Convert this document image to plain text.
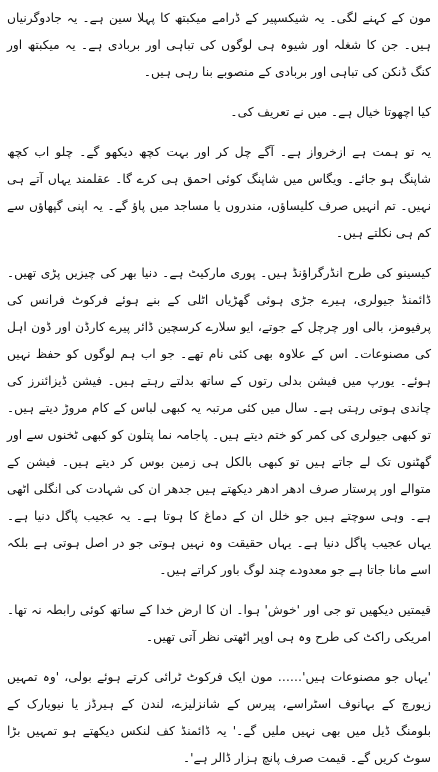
مون کے کہنے لگی۔ یہ شیکسپیر کے ڈرامے میکبتھ کا پہلا سین ہے۔ یہ جادوگرنیاں ہیں۔ جن کا شغلہ اور شیوہ ہی لوگوں کی تباہی اور بربادی ہے۔ یہ میکبتھ اور کنگ ڈنکن کی تباہی اور بربادی کے منصوبے بنا رہی ہیں۔

کیا اچھوتا خیال ہے۔ میں نے تعریف کی۔

یہ تو ہمت ہے ازخرواز ہے۔ آگے چل کر اور بہت کچھ دیکھو گے۔ چلو اب کچھ شاپنگ ہو جائے۔ ویگاس میں شاپنگ کوئی احمق ہی کرے گا۔ عقلمند یہاں آتے ہی نہیں۔ تم انہیں صرف کلیساؤں، مندروں یا مساجد میں پاؤ گے۔ یہ اپنی گپھاؤں سے کم ہی نکلتے ہیں۔

کیسینو کی طرح انڈرگراؤنڈ ہیں۔ پوری مارکیٹ ہے۔ دنیا بھر کی چیزیں پڑی تھیں۔ ڈائمنڈ جیولری، ہیرے جڑی ہوئی گھڑیاں اٹلی کے بنے ہوئے فرکوٹ فرانس کی پرفیومز، بالی اور چرچل کے جوتے، ایو سلارے کرسچین ڈائر پیرے کارڈن اور ڈون اہل کی مصنوعات۔ اس کے علاوہ بھی کئی نام تھے۔ جو اب ہم لوگوں کو حفظ نہیں ہوئے۔ یورپ میں فیشن بدلی رتوں کے ساتھ بدلتے رہتے ہیں۔ فیشن ڈیزائنرز کی چاندی ہوتی رہتی ہے۔ سال میں کئی مرتبہ یہ کبھی لباس کے کام مروڑ دیتے ہیں۔ تو کبھی جیولری کی کمر کو ختم دیتے ہیں۔ پاجامہ نما پتلون کو کبھی ٹخنوں سے اور گھٹنوں تک لے جاتے ہیں تو کبھی بالکل ہی زمین بوس کر دیتے ہیں۔ فیشن کے متوالے اور پرستار صرف ادھر ادھر دیکھتے ہیں جدھر ان کی شہادت کی انگلی اٹھی ہے۔ وہی سوچتے ہیں جو خلل ان کے دماغ کا ہوتا ہے۔ یہ عجیب پاگل دنیا ہے۔ یہاں عجیب پاگل دنیا ہے۔ یہاں حقیقت وہ نہیں ہوتی جو در اصل ہوتی ہے بلکہ اسے مانا جاتا ہے جو معدودے چند لوگ باور کراتے ہیں۔

قیمتیں دیکھیں تو جی اور 'خوش' ہوا۔ ان کا ارض خدا کے ساتھ کوئی رابطہ نہ تھا۔ امریکی راکٹ کی طرح وہ ہی اوپر اٹھتی نظر آتی تھیں۔

'یہاں جو مصنوعات ہیں'…… مون ایک فرکوٹ ٹرائی کرتے ہوئے بولی، 'وہ تمہیں زیورچ کے بہانوف اسٹراسے، پیرس کے شانزلیزے، لندن کے ہیرڈز یا نیویارک کے بلومنگ ڈیل میں بھی نہیں ملیں گے۔' یہ ڈائمنڈ کف لنکس دیکھتے ہو تمہیں بڑا سوٹ کریں گے۔ قیمت صرف پانچ ہزار ڈالر ہے'۔
